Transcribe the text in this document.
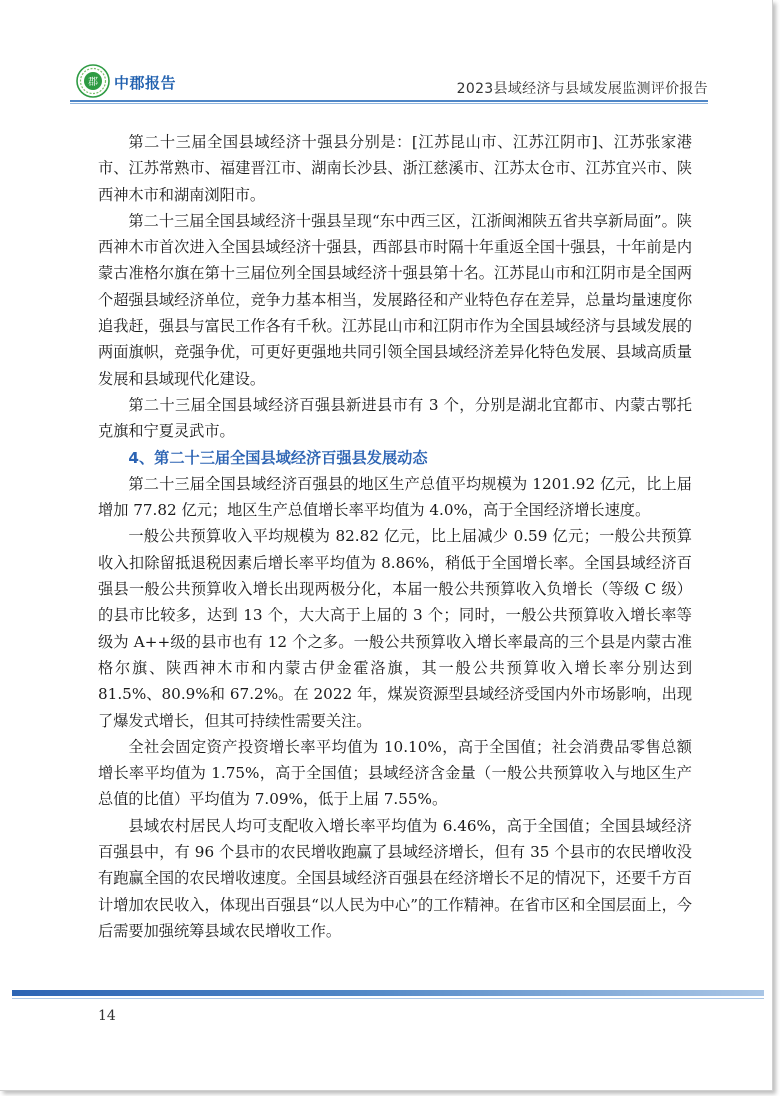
郡 中郡报告	2023县域经济与县域发展监测评价报告

第二十三届全国县域经济十强县分别是：[江苏昆山市、江苏江阴市]、江苏张家港市、江苏常熟市、福建晋江市、湖南长沙县、浙江慈溪市、江苏太仓市、江苏宜兴市、陕西神木市和湖南浏阳市。

第二十三届全国县域经济十强县呈现“东中西三区，江浙闽湘陕五省共享新局面”。陕西神木市首次进入全国县域经济十强县，西部县市时隔十年重返全国十强县，十年前是内蒙古准格尔旗在第十三届位列全国县域经济十强县第十名。江苏昆山市和江阴市是全国两个超强县域经济单位，竞争力基本相当，发展路径和产业特色存在差异，总量均量速度你追我赶，强县与富民工作各有千秋。江苏昆山市和江阴市作为全国县域经济与县域发展的两面旗帜，竞强争优，可更好更强地共同引领全国县域经济差异化特色发展、县域高质量发展和县域现代化建设。

第二十三届全国县域经济百强县新进县市有 3 个，分别是湖北宜都市、内蒙古鄂托克旗和宁夏灵武市。

4、第二十三届全国县域经济百强县发展动态

第二十三届全国县域经济百强县的地区生产总值平均规模为 1201.92 亿元，比上届增加 77.82 亿元；地区生产总值增长率平均值为 4.0%，高于全国经济增长速度。

一般公共预算收入平均规模为 82.82 亿元，比上届减少 0.59 亿元；一般公共预算收入扣除留抵退税因素后增长率平均值为 8.86%，稍低于全国增长率。全国县域经济百强县一般公共预算收入增长出现两极分化，本届一般公共预算收入负增长（等级 C 级）的县市比较多，达到 13 个，大大高于上届的 3 个；同时，一般公共预算收入增长率等级为 A++级的县市也有 12 个之多。一般公共预算收入增长率最高的三个县是内蒙古准格尔旗、陕西神木市和内蒙古伊金霍洛旗，其一般公共预算收入增长率分别达到 81.5%、80.9%和 67.2%。在 2022 年，煤炭资源型县域经济受国内外市场影响，出现了爆发式增长，但其可持续性需要关注。

全社会固定资产投资增长率平均值为 10.10%，高于全国值；社会消费品零售总额增长率平均值为 1.75%，高于全国值；县域经济含金量（一般公共预算收入与地区生产总值的比值）平均值为 7.09%，低于上届 7.55%。

县域农村居民人均可支配收入增长率平均值为 6.46%，高于全国值；全国县域经济百强县中，有 96 个县市的农民增收跑赢了县域经济增长，但有 35 个县市的农民增收没有跑赢全国的农民增收速度。全国县域经济百强县在经济增长不足的情况下，还要千方百计增加农民收入，体现出百强县“以人民为中心”的工作精神。在省市区和全国层面上，今后需要加强统筹县域农民增收工作。

14
